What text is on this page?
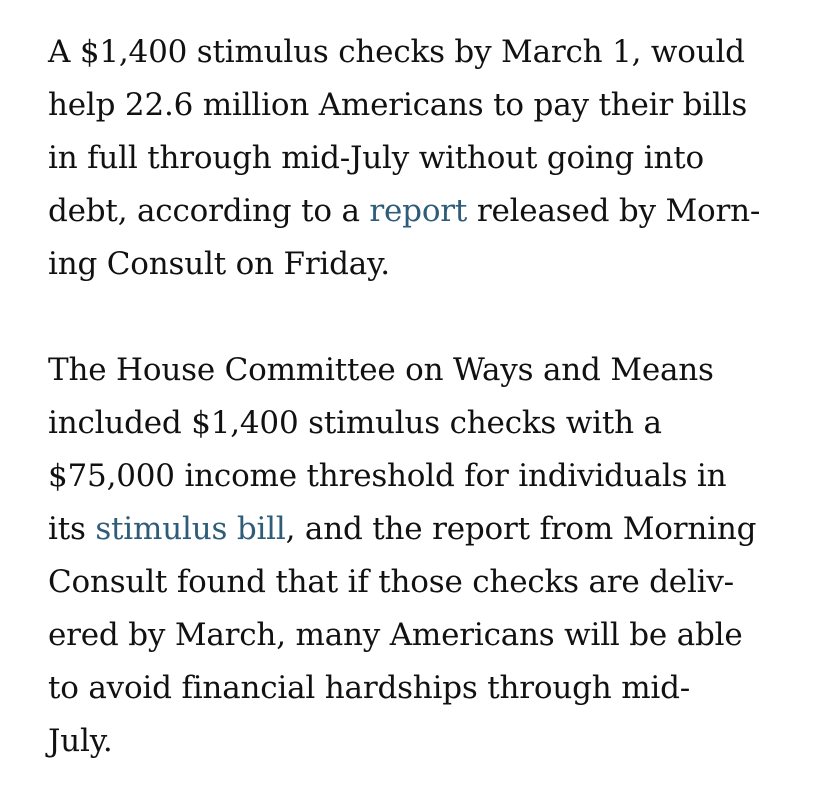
A $1,400 stimulus checks by March 1, would
help 22.6 million Americans to pay their bills
in full through mid-July without going into
debt, according to a report released by Morn-
ing Consult on Friday.

The House Committee on Ways and Means
included $1,400 stimulus checks with a
$75,000 income threshold for individuals in
its stimulus bill, and the report from Morning
Consult found that if those checks are deliv-
ered by March, many Americans will be able
to avoid financial hardships through mid-
July.
